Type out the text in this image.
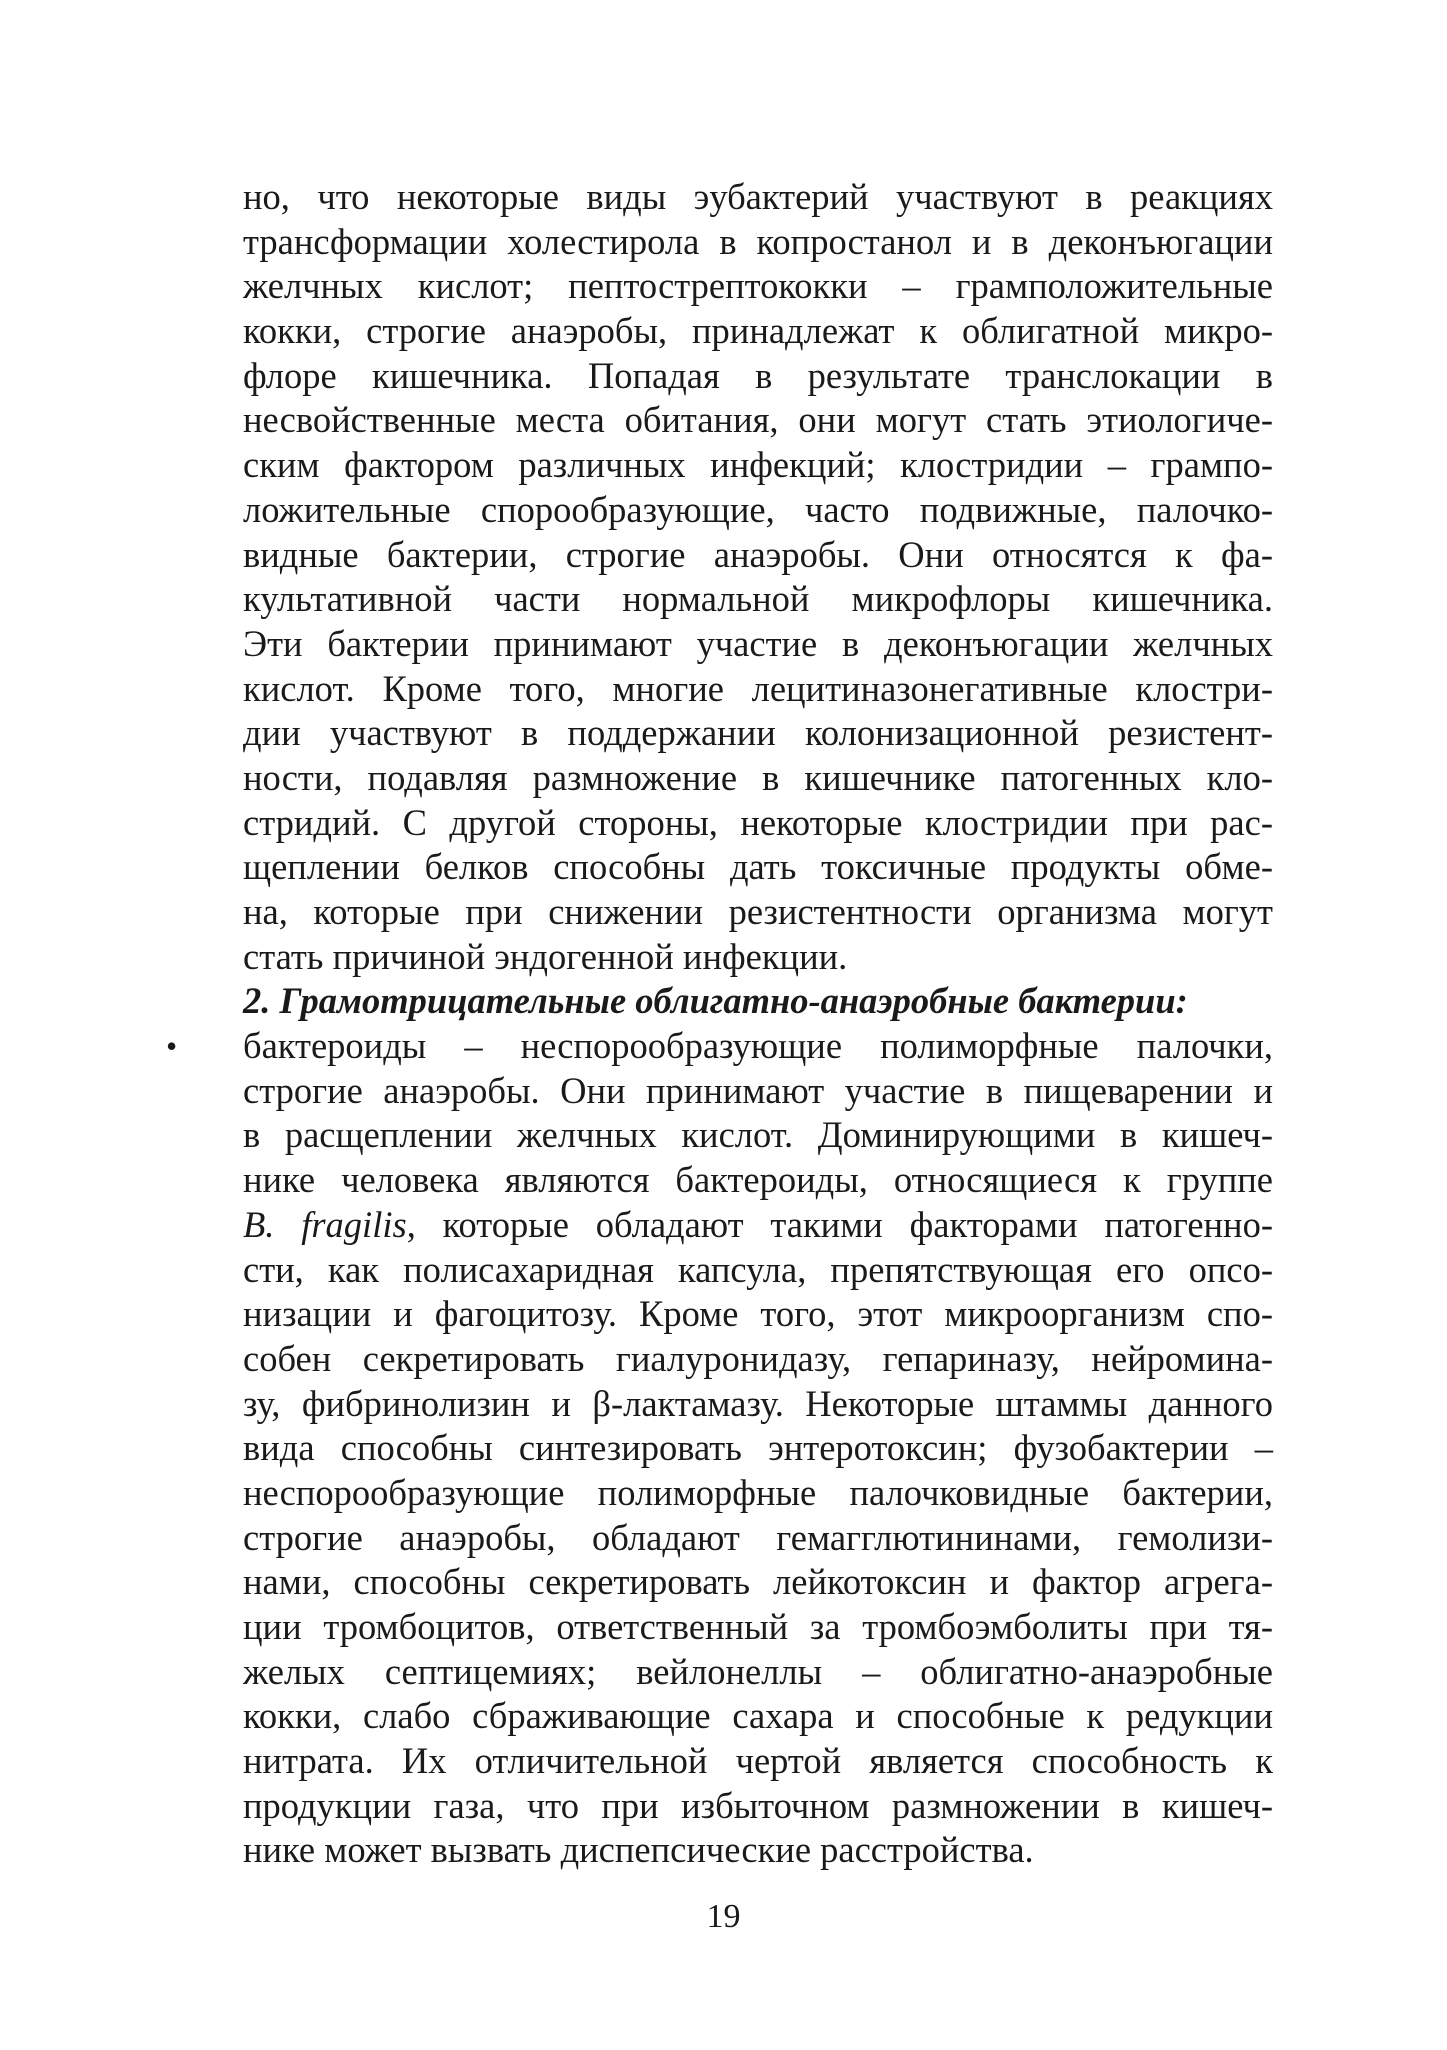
но, что некоторые виды эубактерий участвуют в реакциях
трансформации холестирола в копростанол и в деконъюгации
желчных кислот; пептострептококки – грамположительные
кокки, строгие анаэробы, принадлежат к облигатной микро-
флоре кишечника. Попадая в результате транслокации в
несвойственные места обитания, они могут стать этиологиче-
ским фактором различных инфекций; клостридии – грампо-
ложительные спорообразующие, часто подвижные, палочко-
видные бактерии, строгие анаэробы. Они относятся к фа-
культативной части нормальной микрофлоры кишечника.
Эти бактерии принимают участие в деконъюгации желчных
кислот. Кроме того, многие лецитиназонегативные клостри-
дии участвуют в поддержании колонизационной резистент-
ности, подавляя размножение в кишечнике патогенных кло-
стридий. С другой стороны, некоторые клостридии при рас-
щеплении белков способны дать токсичные продукты обме-
на, которые при снижении резистентности организма могут
стать причиной эндогенной инфекции.
2. Грамотрицательные облигатно-анаэробные бактерии:
• бактероиды – неспорообразующие полиморфные палочки,
строгие анаэробы. Они принимают участие в пищеварении и
в расщеплении желчных кислот. Доминирующими в кишеч-
нике человека являются бактероиды, относящиеся к группе
B. fragilis, которые обладают такими факторами патогенно-
сти, как полисахаридная капсула, препятствующая его опсо-
низации и фагоцитозу. Кроме того, этот микроорганизм спо-
собен секретировать гиалуронидазу, гепариназу, нейромина-
зу, фибринолизин и β-лактамазу. Некоторые штаммы данного
вида способны синтезировать энтеротоксин; фузобактерии –
неспорообразующие полиморфные палочковидные бактерии,
строгие анаэробы, обладают гемагглютининами, гемолизи-
нами, способны секретировать лейкотоксин и фактор агрега-
ции тромбоцитов, ответственный за тромбоэмболиты при тя-
желых септицемиях; вейлонеллы – облигатно-анаэробные
кокки, слабо сбраживающие сахара и способные к редукции
нитрата. Их отличительной чертой является способность к
продукции газа, что при избыточном размножении в кишеч-
нике может вызвать диспепсические расстройства.
19
